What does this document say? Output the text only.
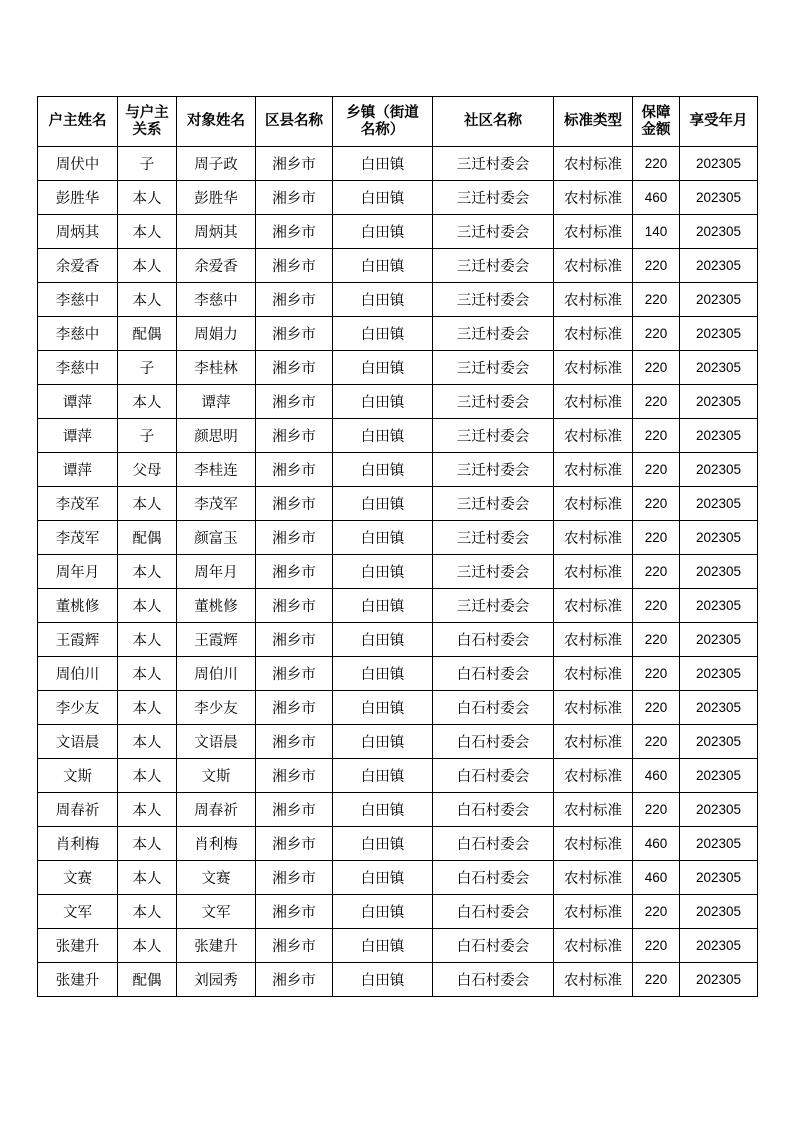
户主姓名	与户主关系	对象姓名	区县名称	乡镇（街道名称）	社区名称	标准类型	保障金额	享受年月
周伏中	子	周子政	湘乡市	白田镇	三迁村委会	农村标准	220	202305
彭胜华	本人	彭胜华	湘乡市	白田镇	三迁村委会	农村标准	460	202305
周炳其	本人	周炳其	湘乡市	白田镇	三迁村委会	农村标准	140	202305
余爱香	本人	余爱香	湘乡市	白田镇	三迁村委会	农村标准	220	202305
李慈中	本人	李慈中	湘乡市	白田镇	三迁村委会	农村标准	220	202305
李慈中	配偶	周娟力	湘乡市	白田镇	三迁村委会	农村标准	220	202305
李慈中	子	李桂林	湘乡市	白田镇	三迁村委会	农村标准	220	202305
谭萍	本人	谭萍	湘乡市	白田镇	三迁村委会	农村标准	220	202305
谭萍	子	颜思明	湘乡市	白田镇	三迁村委会	农村标准	220	202305
谭萍	父母	李桂连	湘乡市	白田镇	三迁村委会	农村标准	220	202305
李茂军	本人	李茂军	湘乡市	白田镇	三迁村委会	农村标准	220	202305
李茂军	配偶	颜富玉	湘乡市	白田镇	三迁村委会	农村标准	220	202305
周年月	本人	周年月	湘乡市	白田镇	三迁村委会	农村标准	220	202305
董桃修	本人	董桃修	湘乡市	白田镇	三迁村委会	农村标准	220	202305
王霞辉	本人	王霞辉	湘乡市	白田镇	白石村委会	农村标准	220	202305
周伯川	本人	周伯川	湘乡市	白田镇	白石村委会	农村标准	220	202305
李少友	本人	李少友	湘乡市	白田镇	白石村委会	农村标准	220	202305
文语晨	本人	文语晨	湘乡市	白田镇	白石村委会	农村标准	220	202305
文斯	本人	文斯	湘乡市	白田镇	白石村委会	农村标准	460	202305
周春祈	本人	周春祈	湘乡市	白田镇	白石村委会	农村标准	220	202305
肖利梅	本人	肖利梅	湘乡市	白田镇	白石村委会	农村标准	460	202305
文赛	本人	文赛	湘乡市	白田镇	白石村委会	农村标准	460	202305
文军	本人	文军	湘乡市	白田镇	白石村委会	农村标准	220	202305
张建升	本人	张建升	湘乡市	白田镇	白石村委会	农村标准	220	202305
张建升	配偶	刘园秀	湘乡市	白田镇	白石村委会	农村标准	220	202305
